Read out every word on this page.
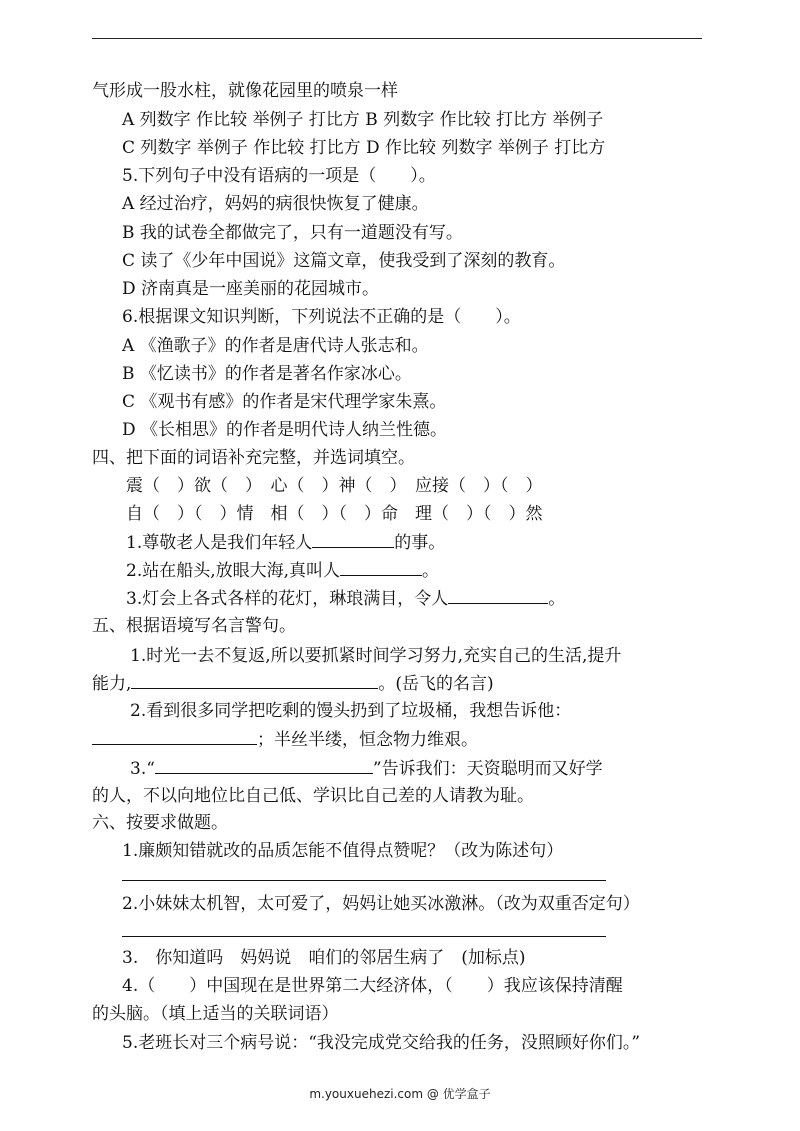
气形成一股水柱，就像花园里的喷泉一样
A 列数字 作比较 举例子 打比方 B 列数字 作比较 打比方 举例子
C 列数字 举例子 作比较 打比方 D 作比较 列数字 举例子 打比方
5.下列句子中没有语病的一项是（　　）。
A 经过治疗，妈妈的病很快恢复了健康。
B 我的试卷全都做完了，只有一道题没有写。
C 读了《少年中国说》这篇文章，使我受到了深刻的教育。
D 济南真是一座美丽的花园城市。
6.根据课文知识判断，下列说法不正确的是（　　）。
A 《渔歌子》的作者是唐代诗人张志和。
B 《忆读书》的作者是著名作家冰心。
C 《观书有感》的作者是宋代理学家朱熹。
D 《长相思》的作者是明代诗人纳兰性德。
四、把下面的词语补充完整，并选词填空。
震（　）欲（　）　心（　）神（　）　应接（　）（　）
自（　）（　）情　相（　）（　）命　理（　）（　）然
1.尊敬老人是我们年轻人	的事。
2.站在船头,放眼大海,真叫人	。
3.灯会上各式各样的花灯，琳琅满目，令人	。
五、根据语境写名言警句。
1.时光一去不复返,所以要抓紧时间学习努力,充实自己的生活,提升
能力,	。(岳飞的名言)
2.看到很多同学把吃剩的馒头扔到了垃圾桶，我想告诉他：
；半丝半缕，恒念物力维艰。
3.“	”告诉我们：天资聪明而又好学
的人，不以向地位比自己低、学识比自己差的人请教为耻。
六、按要求做题。
1.廉颇知错就改的品质怎能不值得点赞呢？（改为陈述句）
2.小妹妹太机智，太可爱了，妈妈让她买冰激淋。（改为双重否定句）
3.　你知道吗　妈妈说　咱们的邻居生病了　(加标点)
4.（　　）中国现在是世界第二大经济体，（　　）我应该保持清醒
的头脑。（填上适当的关联词语）
5.老班长对三个病号说：“我没完成党交给我的任务，没照顾好你们。”
m.youxuehezi.com @ 优学盒子
